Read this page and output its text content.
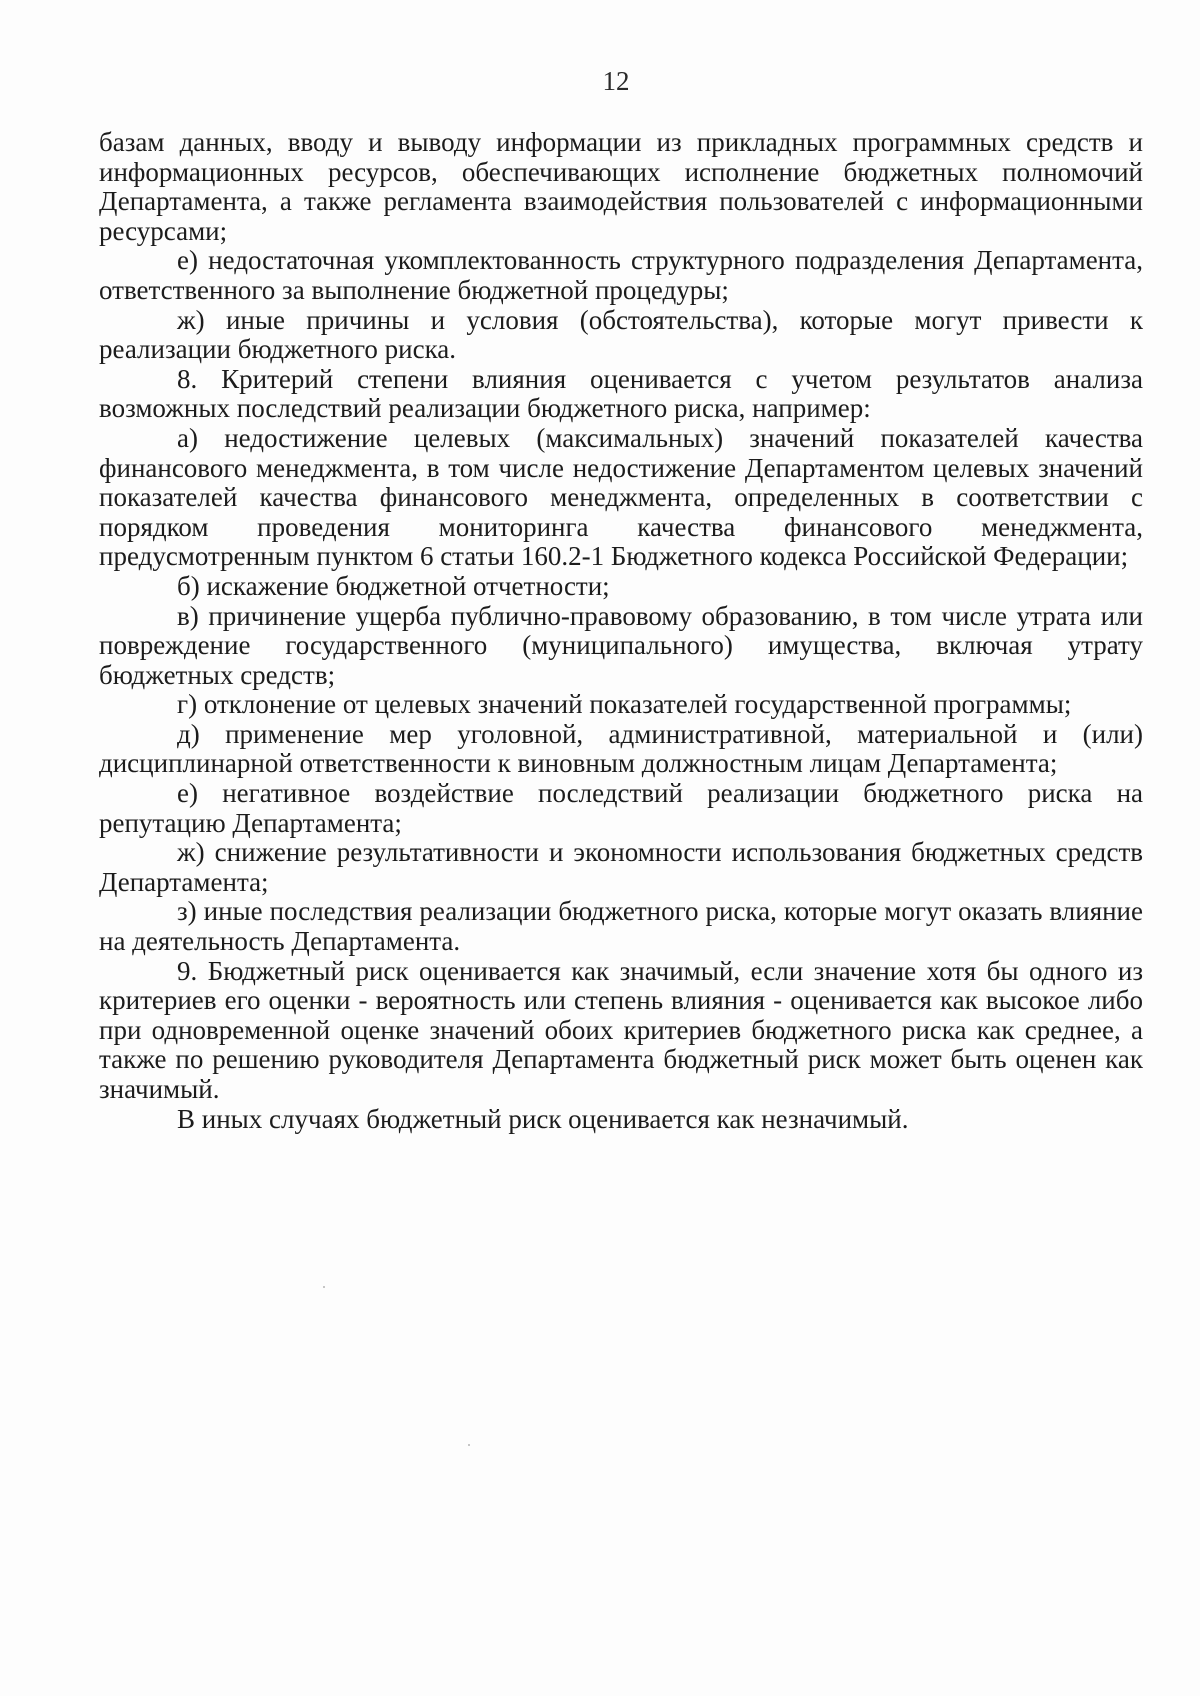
12

базам данных, вводу и выводу информации из прикладных программных средств и информационных ресурсов, обеспечивающих исполнение бюджетных полномочий Департамента, а также регламента взаимодействия пользователей с информационными ресурсами;

е) недостаточная укомплектованность структурного подразделения Департамента, ответственного за выполнение бюджетной процедуры;

ж) иные причины и условия (обстоятельства), которые могут привести к реализации бюджетного риска.

8. Критерий степени влияния оценивается с учетом результатов анализа возможных последствий реализации бюджетного риска, например:

а) недостижение целевых (максимальных) значений показателей качества финансового менеджмента, в том числе недостижение Департаментом целевых значений показателей качества финансового менеджмента, определенных в соответствии с порядком проведения мониторинга качества финансового менеджмента, предусмотренным пунктом 6 статьи 160.2-1 Бюджетного кодекса Российской Федерации;

б) искажение бюджетной отчетности;

в) причинение ущерба публично-правовому образованию, в том числе утрата или повреждение государственного (муниципального) имущества, включая утрату бюджетных средств;

г) отклонение от целевых значений показателей государственной программы;

д) применение мер уголовной, административной, материальной и (или) дисциплинарной ответственности к виновным должностным лицам Департамента;

е) негативное воздействие последствий реализации бюджетного риска на репутацию Департамента;

ж) снижение результативности и экономности использования бюджетных средств Департамента;

з) иные последствия реализации бюджетного риска, которые могут оказать влияние на деятельность Департамента.

9. Бюджетный риск оценивается как значимый, если значение хотя бы одного из критериев его оценки - вероятность или степень влияния - оценивается как высокое либо при одновременной оценке значений обоих критериев бюджетного риска как среднее, а также по решению руководителя Департамента бюджетный риск может быть оценен как значимый.

В иных случаях бюджетный риск оценивается как незначимый.
